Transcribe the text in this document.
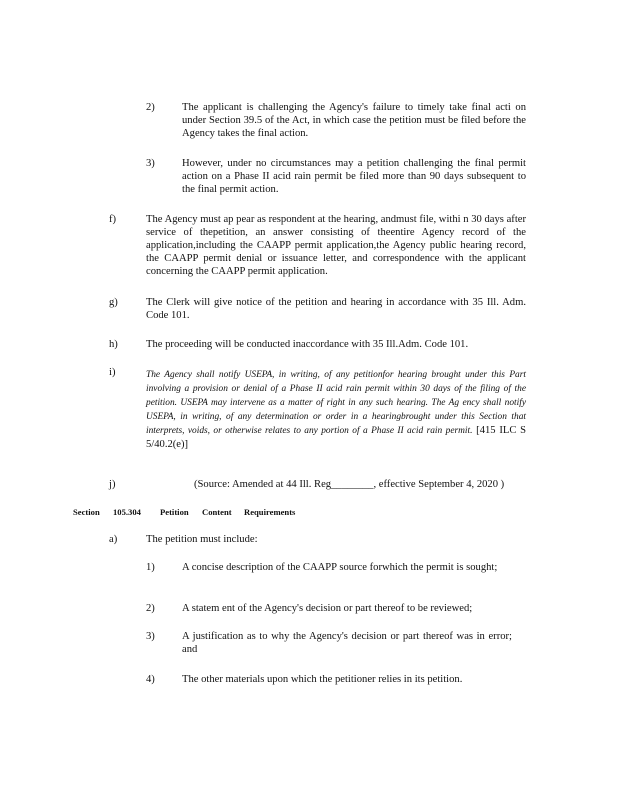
2)	The applicant is challenging the Agency's failure to timely take final acti on under Section 39.5 of the Act, in which case the petition must be filed before the Agency takes the final action.
3)	However, under no circumstances may a petition challenging the final permit action on a Phase II acid rain permit be filed more than 90 days subsequent to the final permit action.
f)	The Agency must ap pear as respondent at the hearing, andmust file, withi n 30 days after service of thepetition, an answer consisting of theentire Agency record of the application,including the CAAPP permit application,the Agency public hearing record, the CAAPP permit denial or issuance letter, and correspondence with the applicant concerning the CAAPP permit application.
g)	The Clerk will give notice of the petition and hearing in accordance with 35 Ill. Adm. Code 101.
h)	The proceeding will be conducted inaccordance with 35 Ill.Adm. Code 101.
i)	The Agency shall notify USEPA, in writing, of any petitionfor hearing brought under this Part involving a provision or denial of a Phase II acid rain permit within 30 days of the filing of the petition. USEPA may intervene as a matter of right in any such hearing. The Ag ency shall notify USEPA, in writing, of any determination or order in a hearingbrought under this Section that interprets, voids, or otherwise relates to any portion of a Phase II acid rain permit. [415 ILC S 5/40.2(e)]
j)	(Source: Amended at 44 Ill. Reg________, effective September 4, 2020 )
Section 105.304 Petition Content Requirements
a)	The petition must include:
1)	A concise description of the CAAPP source forwhich the permit is sought;
2)	A statem ent of the Agency's decision or part thereof to be reviewed;
3)	A justification as to why the Agency's decision or part thereof was in error; and
4)	The other materials upon which the petitioner relies in its petition.
